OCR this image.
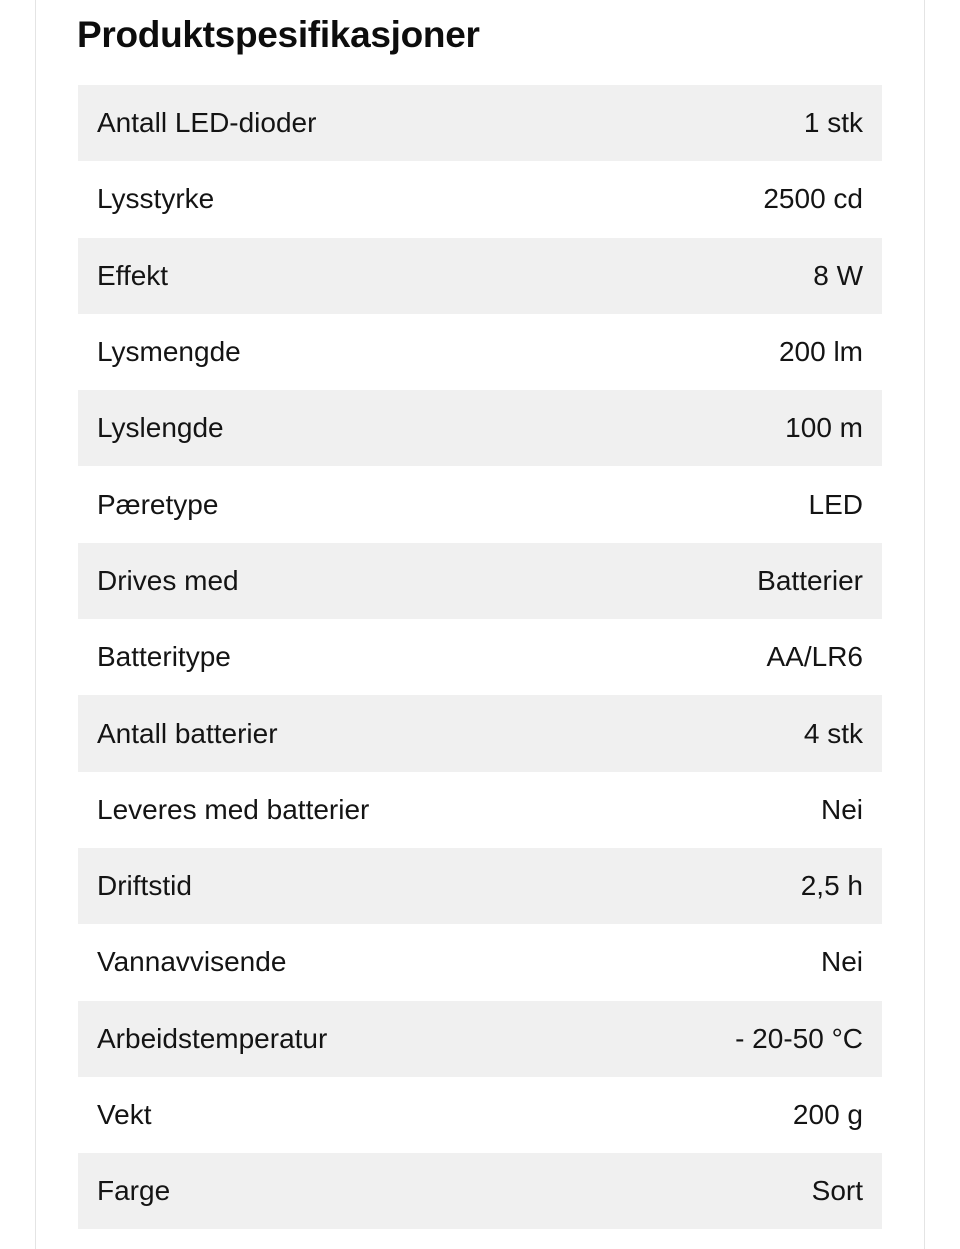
Produktspesifikasjoner
Antall LED-dioder	1 stk
Lysstyrke	2500 cd
Effekt	8 W
Lysmengde	200 lm
Lyslengde	100 m
Pæretype	LED
Drives med	Batterier
Batteritype	AA/LR6
Antall batterier	4 stk
Leveres med batterier	Nei
Driftstid	2,5 h
Vannavvisende	Nei
Arbeidstemperatur	- 20-50 °C
Vekt	200 g
Farge	Sort
